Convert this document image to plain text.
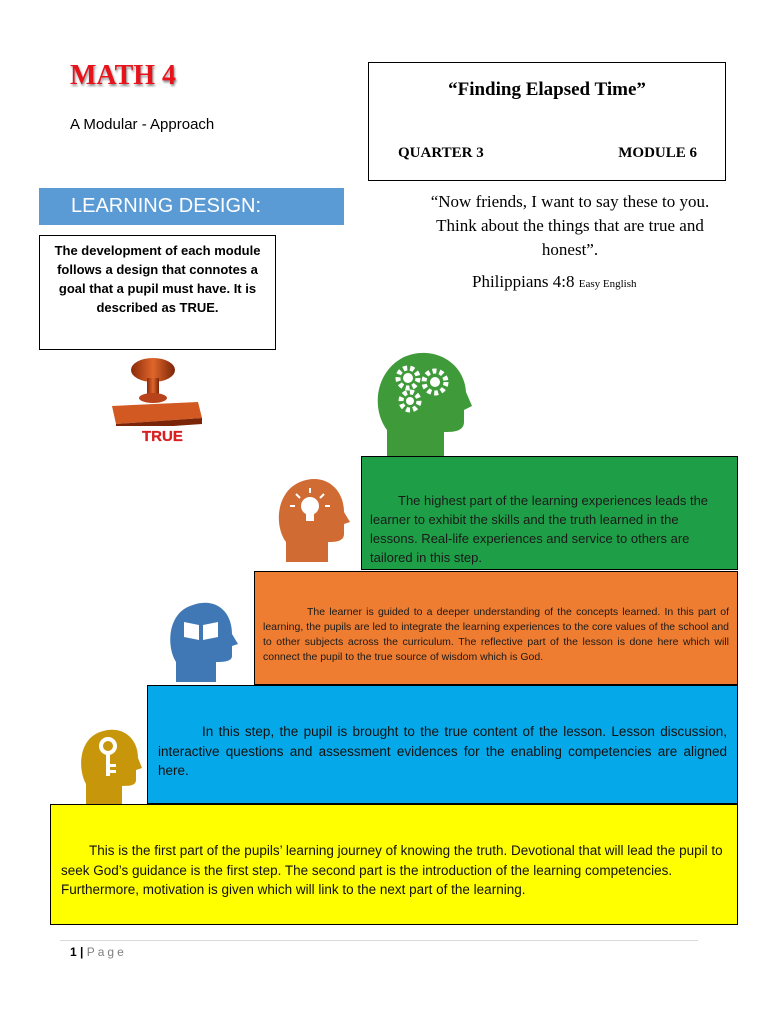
MATH 4
A Modular - Approach
“Finding Elapsed Time”
QUARTER 3	MODULE 6
LEARNING DESIGN:
The development of each module follows a design that connotes a goal that a pupil must have. It is described as TRUE.
“Now friends, I want to say these to you. Think about the things that are true and honest”.
Philippians 4:8 Easy English
TRUE
The highest part of the learning experiences leads the learner to exhibit the skills and the truth learned in the lessons. Real-life experiences and service to others are tailored in this step.
The learner is guided to a deeper understanding of the concepts learned. In this part of learning, the pupils are led to integrate the learning experiences to the core values of the school and to other subjects across the curriculum. The reflective part of the lesson is done here which will connect the pupil to the true source of wisdom which is God.
In this step, the pupil is brought to the true content of the lesson. Lesson discussion, interactive questions and assessment evidences for the enabling competencies are aligned here.
This is the first part of the pupils’ learning journey of knowing the truth. Devotional that will lead the pupil to seek God’s guidance is the first step. The second part is the introduction of the learning competencies. Furthermore, motivation is given which will link to the next part of the learning.
1 | Page
